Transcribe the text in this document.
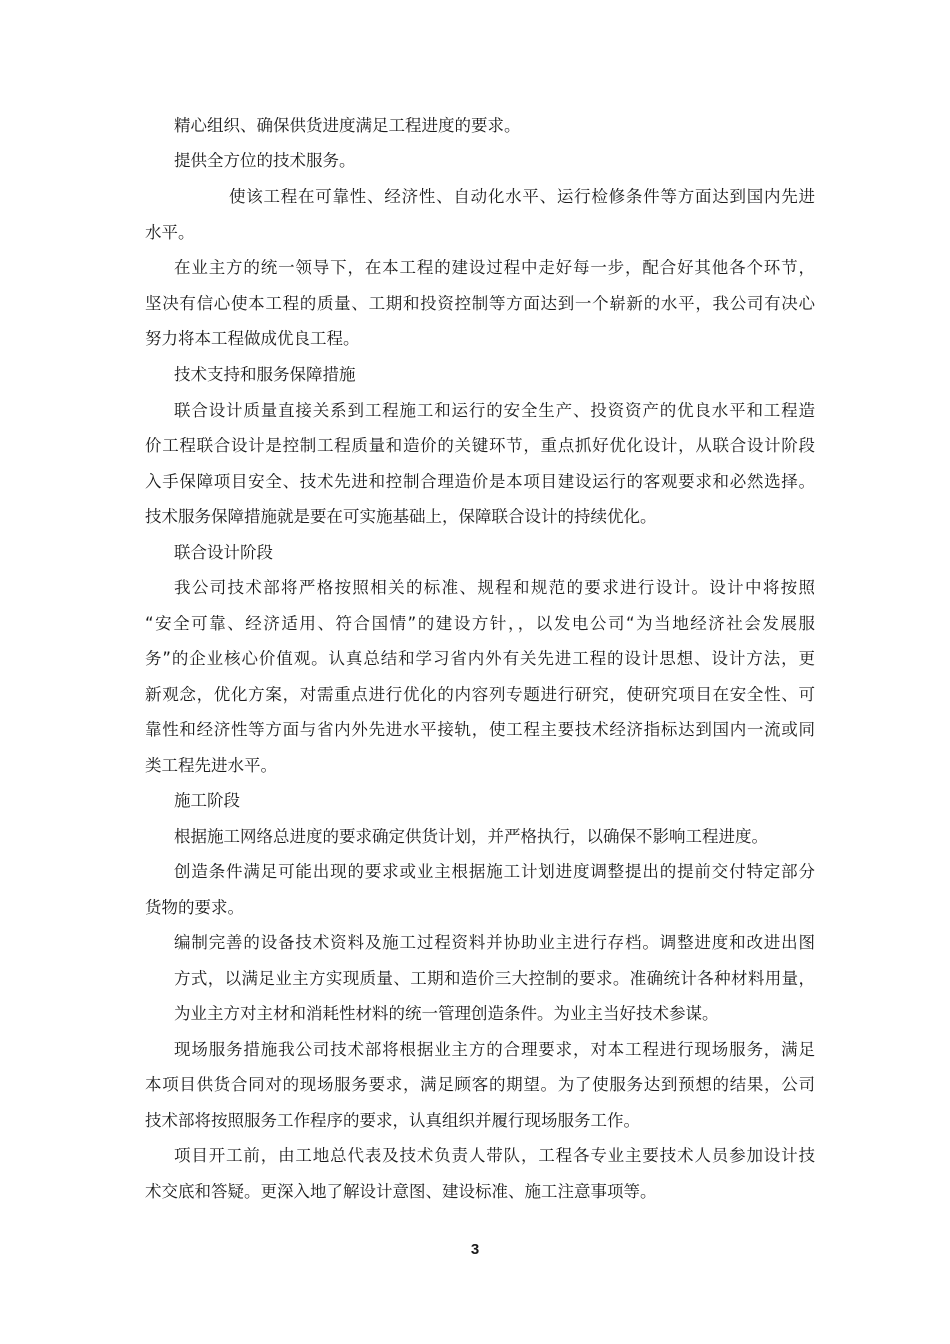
精心组织、确保供货进度满足工程进度的要求。
提供全方位的技术服务。
使该工程在可靠性、经济性、自动化水平、运行检修条件等方面达到国内先进
水平。
在业主方的统一领导下，在本工程的建设过程中走好每一步，配合好其他各个环节，
坚决有信心使本工程的质量、工期和投资控制等方面达到一个崭新的水平，我公司有决心
努力将本工程做成优良工程。
技术支持和服务保障措施
联合设计质量直接关系到工程施工和运行的安全生产、投资资产的优良水平和工程造
价工程联合设计是控制工程质量和造价的关键环节，重点抓好优化设计，从联合设计阶段
入手保障项目安全、技术先进和控制合理造价是本项目建设运行的客观要求和必然选择。
技术服务保障措施就是要在可实施基础上，保障联合设计的持续优化。
联合设计阶段
我公司技术部将严格按照相关的标准、规程和规范的要求进行设计。设计中将按照
“安全可靠、经济适用、符合国情”的建设方针，，以发电公司“为当地经济社会发展服
务”的企业核心价值观。认真总结和学习省内外有关先进工程的设计思想、设计方法，更
新观念，优化方案，对需重点进行优化的内容列专题进行研究，使研究项目在安全性、可
靠性和经济性等方面与省内外先进水平接轨，使工程主要技术经济指标达到国内一流或同
类工程先进水平。
施工阶段
根据施工网络总进度的要求确定供货计划，并严格执行，以确保不影响工程进度。
创造条件满足可能出现的要求或业主根据施工计划进度调整提出的提前交付特定部分
货物的要求。
编制完善的设备技术资料及施工过程资料并协助业主进行存档。调整进度和改进出图
方式，以满足业主方实现质量、工期和造价三大控制的要求。准确统计各种材料用量，
为业主方对主材和消耗性材料的统一管理创造条件。为业主当好技术参谋。
现场服务措施我公司技术部将根据业主方的合理要求，对本工程进行现场服务，满足
本项目供货合同对的现场服务要求，满足顾客的期望。为了使服务达到预想的结果，公司
技术部将按照服务工作程序的要求，认真组织并履行现场服务工作。
项目开工前，由工地总代表及技术负责人带队，工程各专业主要技术人员参加设计技
术交底和答疑。更深入地了解设计意图、建设标准、施工注意事项等。
3
